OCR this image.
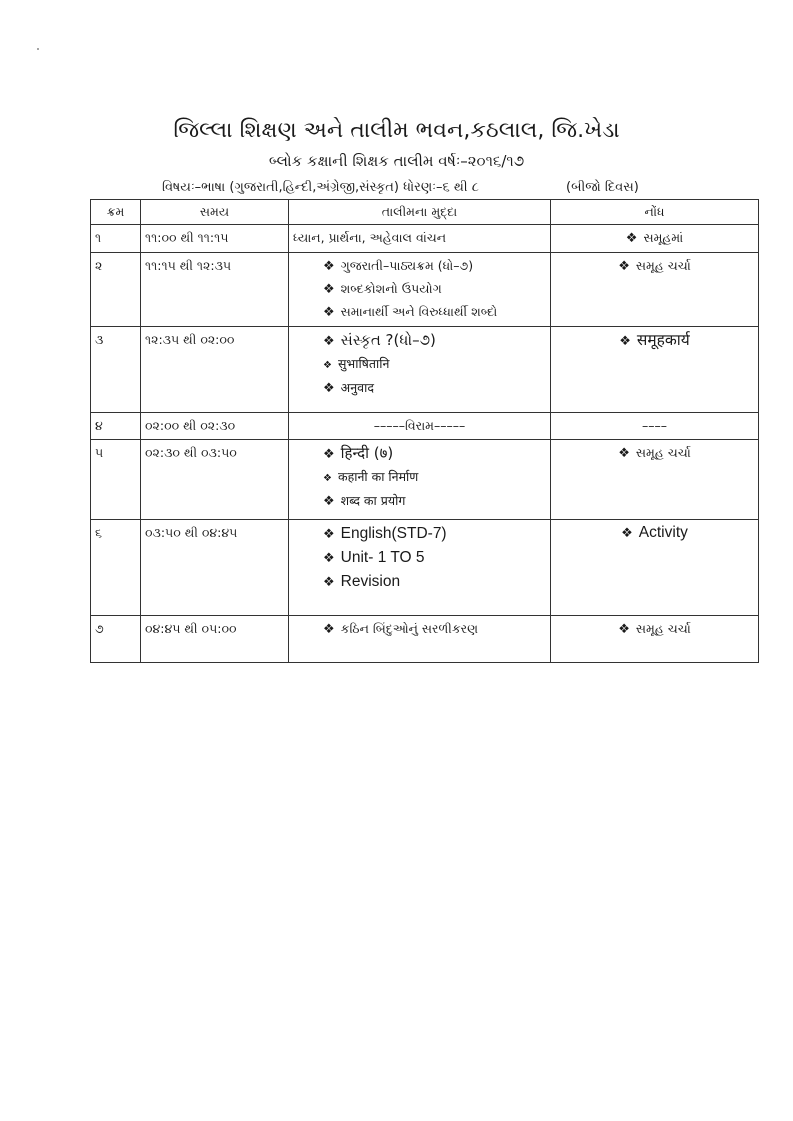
જિલ્લા શિક્ષણ અને તાલીમ ભવન,કઠલાલ, જિ.ખેડા
બ્લોક કક્ષાની શિક્ષક તાલીમ વર્ષઃ–૨૦૧૬/૧૭
વિષયઃ–ભાષા (ગુજરાતી,હિન્દી,અંગ્રેજી,સંસ્કૃત) ધોરણઃ–૬ થી ૮	(બીજો દિવસ)
ક્રમ	સમય	તાલીમના મુદ્દા	નોંધ
૧	૧૧:૦૦ થી ૧૧:૧૫	ધ્યાન, પ્રાર્થના, અહેવાલ વાંચન	❖ સમૂહમાં
૨	૧૧:૧૫ થી ૧૨:૩૫	❖ ગુજરાતી–પાઠ્યક્રમ (ધો–૭)
❖ શબ્દકોશનો ઉપયોગ
❖ સમાનાર્થી અને વિરુધ્ધાર્થી શબ્દો	❖ સમૂહ ચર્ચા
૩	૧૨:૩૫ થી ૦૨:૦૦	❖ સંસ્કૃત ?(ધો–૭)
❖ सुभाषितानि
❖ अनुवाद	❖ समूहकार्य
૪	૦૨:૦૦ થી ૦૨:૩૦	–––––વિરામ–––––	––––
૫	૦૨:૩૦ થી ૦૩:૫૦	❖ हिन्दी (७)
❖ कहानी का निर्माण
❖ शब्द का प्रयोग	❖ સમૂહ ચર્ચા
૬	૦૩:૫૦ થી ૦૪:૪૫	❖ English(STD-7)
❖ Unit- 1 TO 5
❖ Revision	❖ Activity
૭	૦૪:૪૫ થી ૦૫:૦૦	❖ કઠિન બિંદુઓનું સરળીકરણ	❖ સમૂહ ચર્ચા
